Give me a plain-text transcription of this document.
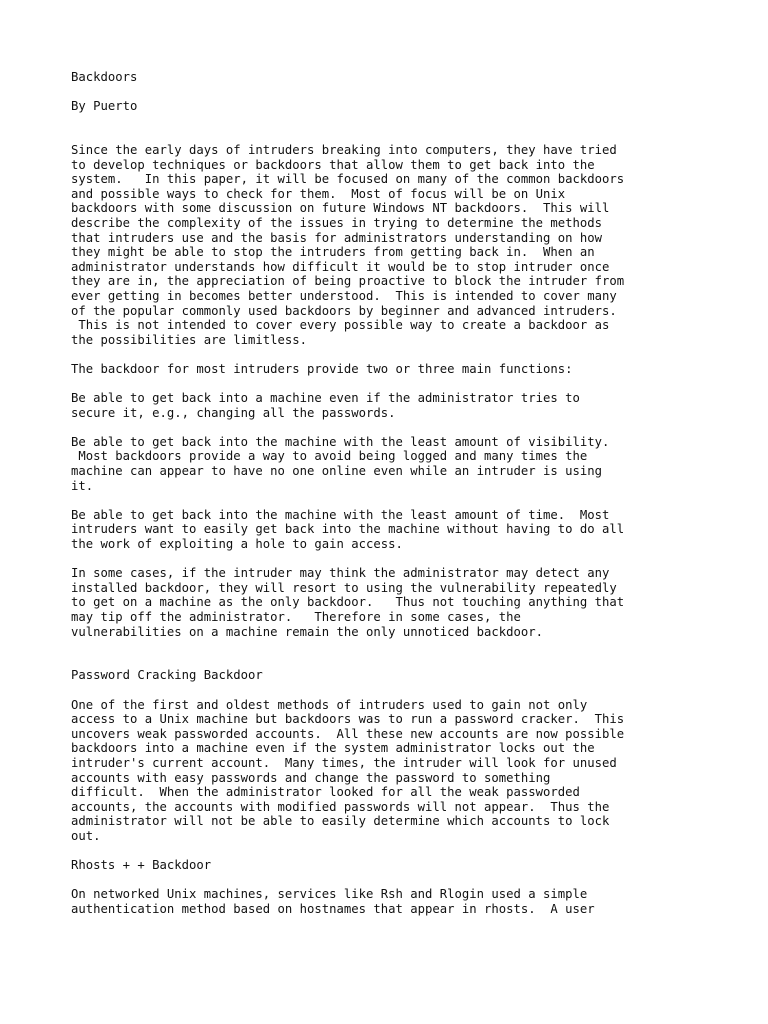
Backdoors
By Puerto
Since the early days of intruders breaking into computers, they have tried
to develop techniques or backdoors that allow them to get back into the
system.   In this paper, it will be focused on many of the common backdoors
and possible ways to check for them.  Most of focus will be on Unix
backdoors with some discussion on future Windows NT backdoors.  This will
describe the complexity of the issues in trying to determine the methods
that intruders use and the basis for administrators understanding on how
they might be able to stop the intruders from getting back in.  When an
administrator understands how difficult it would be to stop intruder once
they are in, the appreciation of being proactive to block the intruder from
ever getting in becomes better understood.  This is intended to cover many
of the popular commonly used backdoors by beginner and advanced intruders.
This is not intended to cover every possible way to create a backdoor as
the possibilities are limitless.
The backdoor for most intruders provide two or three main functions:
Be able to get back into a machine even if the administrator tries to
secure it, e.g., changing all the passwords.
Be able to get back into the machine with the least amount of visibility.
Most backdoors provide a way to avoid being logged and many times the
machine can appear to have no one online even while an intruder is using
it.
Be able to get back into the machine with the least amount of time.  Most
intruders want to easily get back into the machine without having to do all
the work of exploiting a hole to gain access.
In some cases, if the intruder may think the administrator may detect any
installed backdoor, they will resort to using the vulnerability repeatedly
to get on a machine as the only backdoor.   Thus not touching anything that
may tip off the administrator.   Therefore in some cases, the
vulnerabilities on a machine remain the only unnoticed backdoor.
Password Cracking Backdoor
One of the first and oldest methods of intruders used to gain not only
access to a Unix machine but backdoors was to run a password cracker.  This
uncovers weak passworded accounts.  All these new accounts are now possible
backdoors into a machine even if the system administrator locks out the
intruder's current account.  Many times, the intruder will look for unused
accounts with easy passwords and change the password to something
difficult.  When the administrator looked for all the weak passworded
accounts, the accounts with modified passwords will not appear.  Thus the
administrator will not be able to easily determine which accounts to lock
out.
Rhosts + + Backdoor
On networked Unix machines, services like Rsh and Rlogin used a simple
authentication method based on hostnames that appear in rhosts.  A user
